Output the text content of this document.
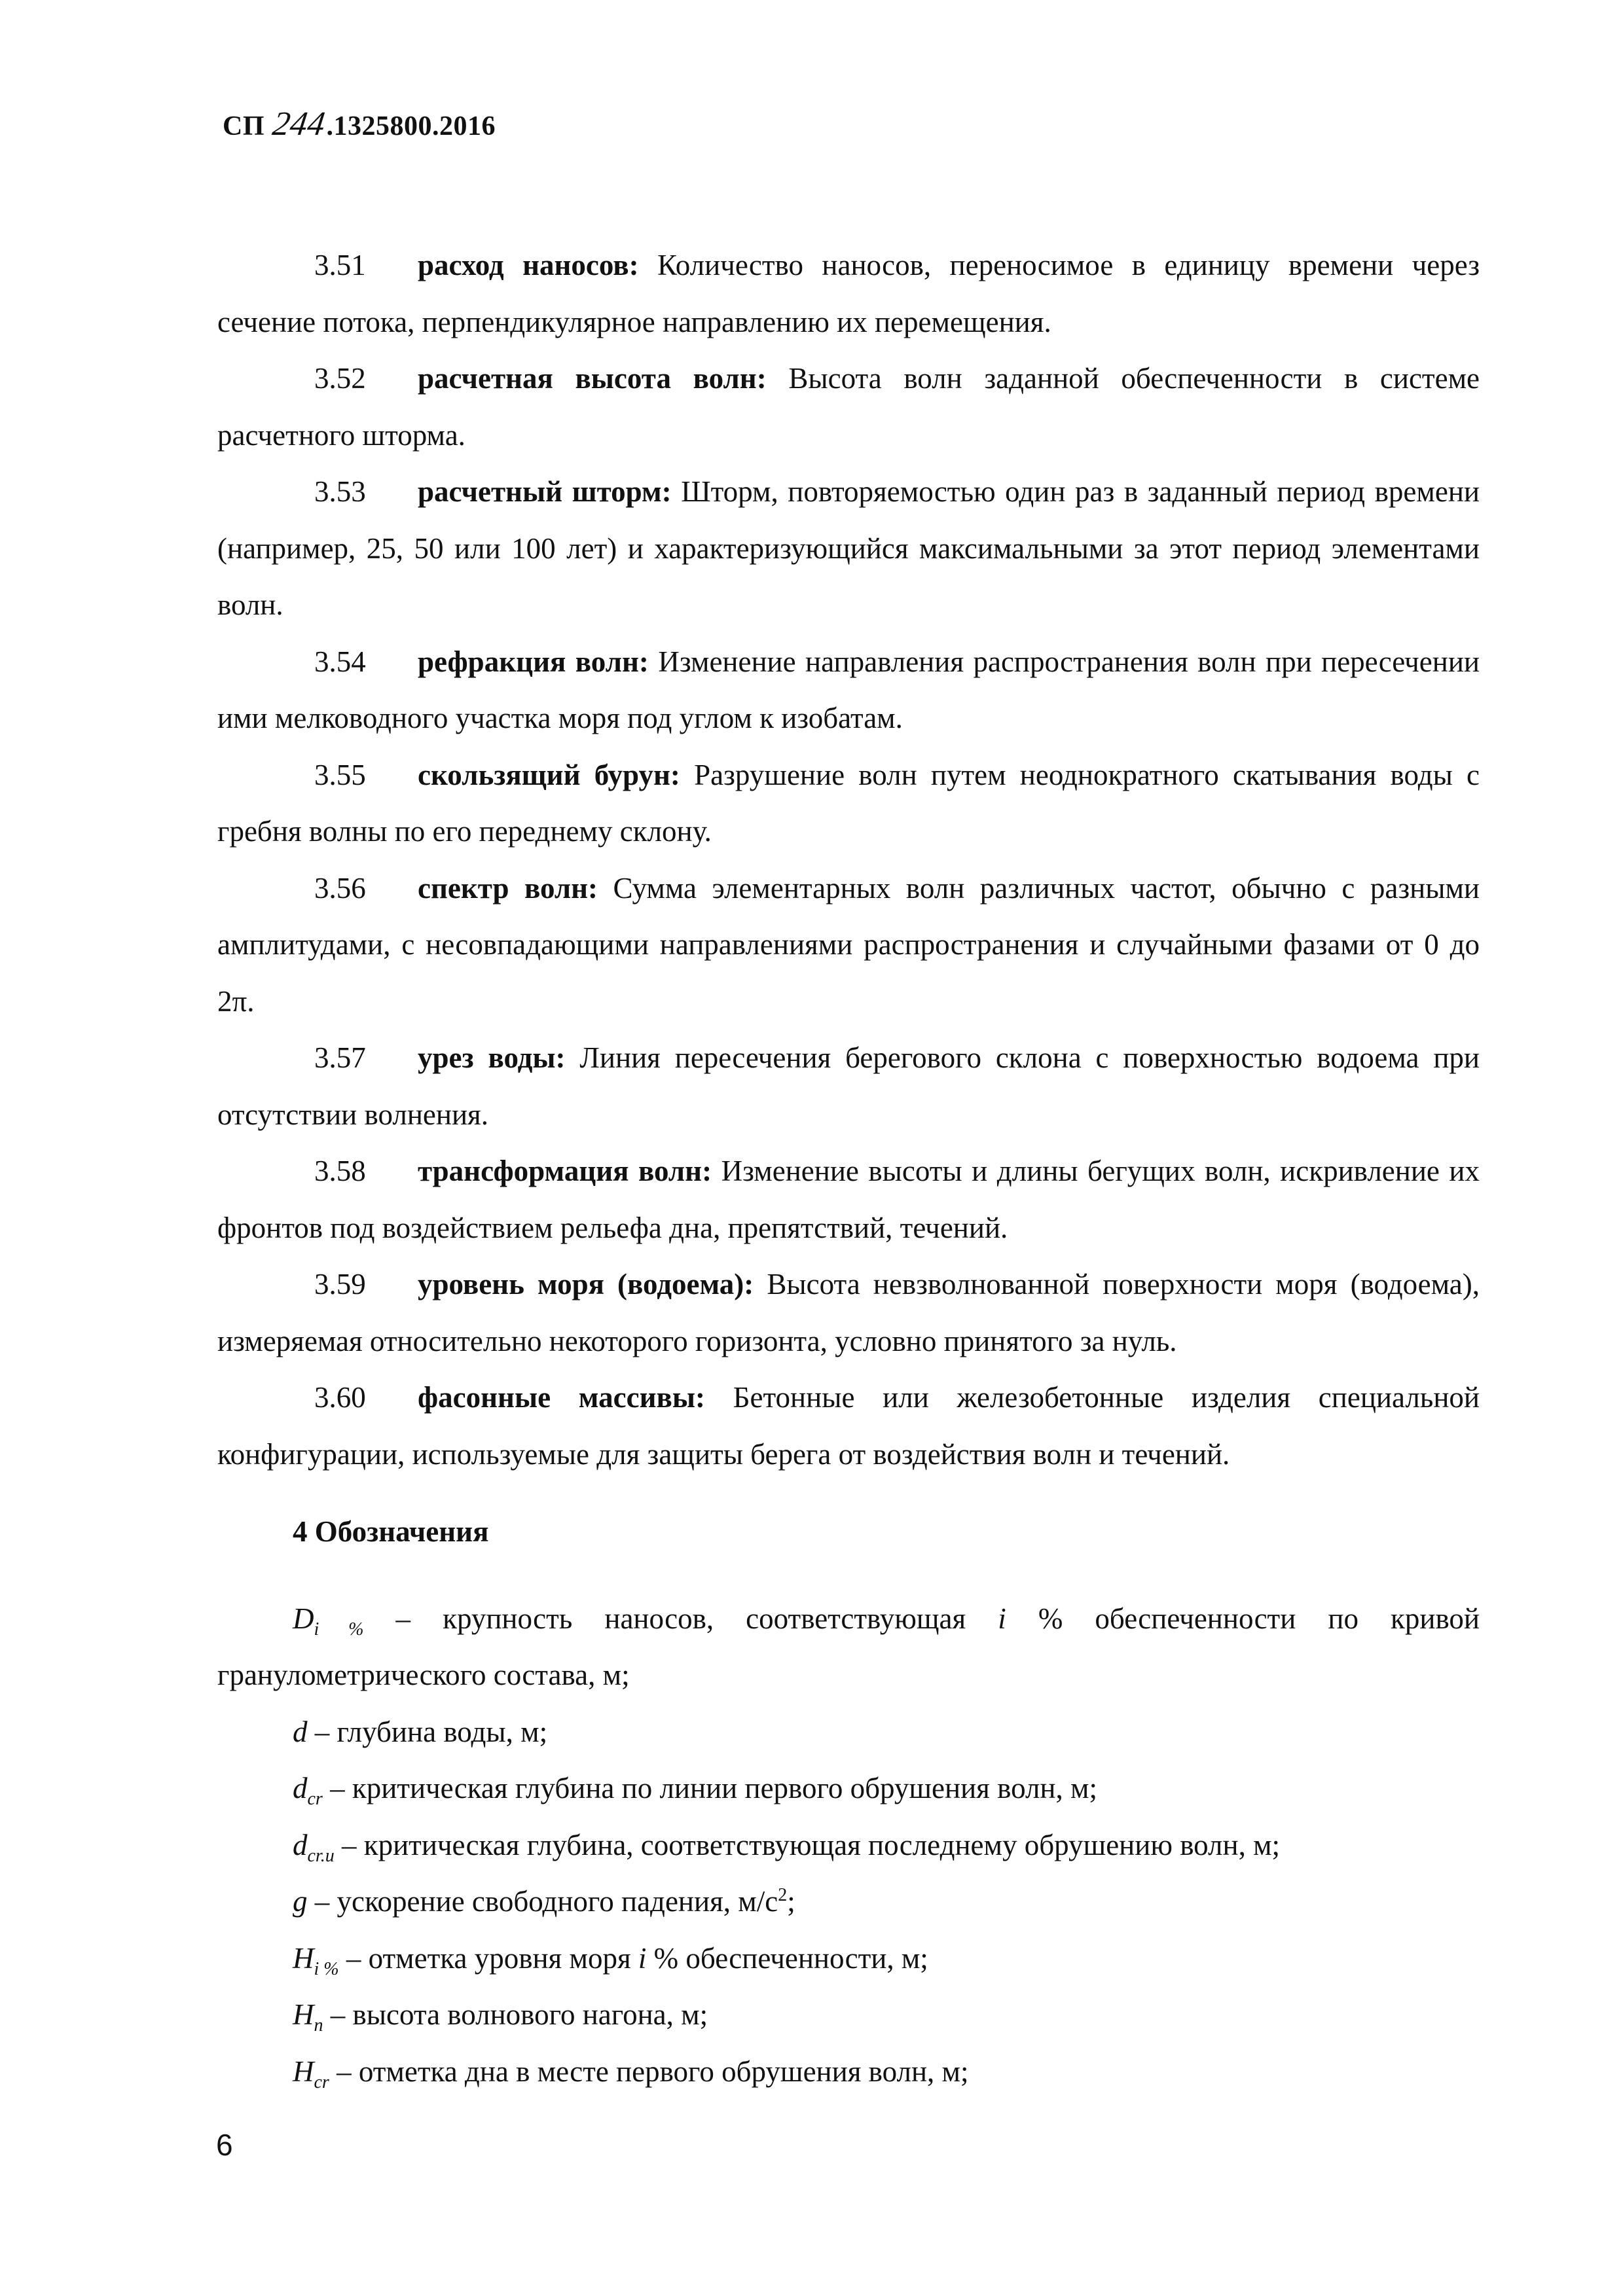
СП 244.1325800.2016

3.51 расход наносов: Количество наносов, переносимое в единицу времени через сечение потока, перпендикулярное направлению их перемещения.

3.52 расчетная высота волн: Высота волн заданной обеспеченности в системе расчетного шторма.

3.53 расчетный шторм: Шторм, повторяемостью один раз в заданный период времени (например, 25, 50 или 100 лет) и характеризующийся максимальными за этот период элементами волн.

3.54 рефракция волн: Изменение направления распространения волн при пересечении ими мелководного участка моря под углом к изобатам.

3.55 скользящий бурун: Разрушение волн путем неоднократного скатывания воды с гребня волны по его переднему склону.

3.56 спектр волн: Сумма элементарных волн различных частот, обычно с разными амплитудами, с несовпадающими направлениями распространения и случайными фазами от 0 до 2π.

3.57 урез воды: Линия пересечения берегового склона с поверхностью водоема при отсутствии волнения.

3.58 трансформация волн: Изменение высоты и длины бегущих волн, искривление их фронтов под воздействием рельефа дна, препятствий, течений.

3.59 уровень моря (водоема): Высота невзволнованной поверхности моря (водоема), измеряемая относительно некоторого горизонта, условно принятого за нуль.

3.60 фасонные массивы: Бетонные или железобетонные изделия специальной конфигурации, используемые для защиты берега от воздействия волн и течений.

4 Обозначения

$D_{i \%}$ – крупность наносов, соответствующая i % обеспеченности по кривой гранулометрического состава, м;

d – глубина воды, м;

$d_{cr}$ – критическая глубина по линии первого обрушения волн, м;

$d_{cr.u}$ – критическая глубина, соответствующая последнему обрушению волн, м;

g – ускорение свободного падения, $м/с^2$;

$H_{i \%}$ – отметка уровня моря i % обеспеченности, м;

$H_n$ – высота волнового нагона, м;

$H_{cr}$ – отметка дна в месте первого обрушения волн, м;

6
